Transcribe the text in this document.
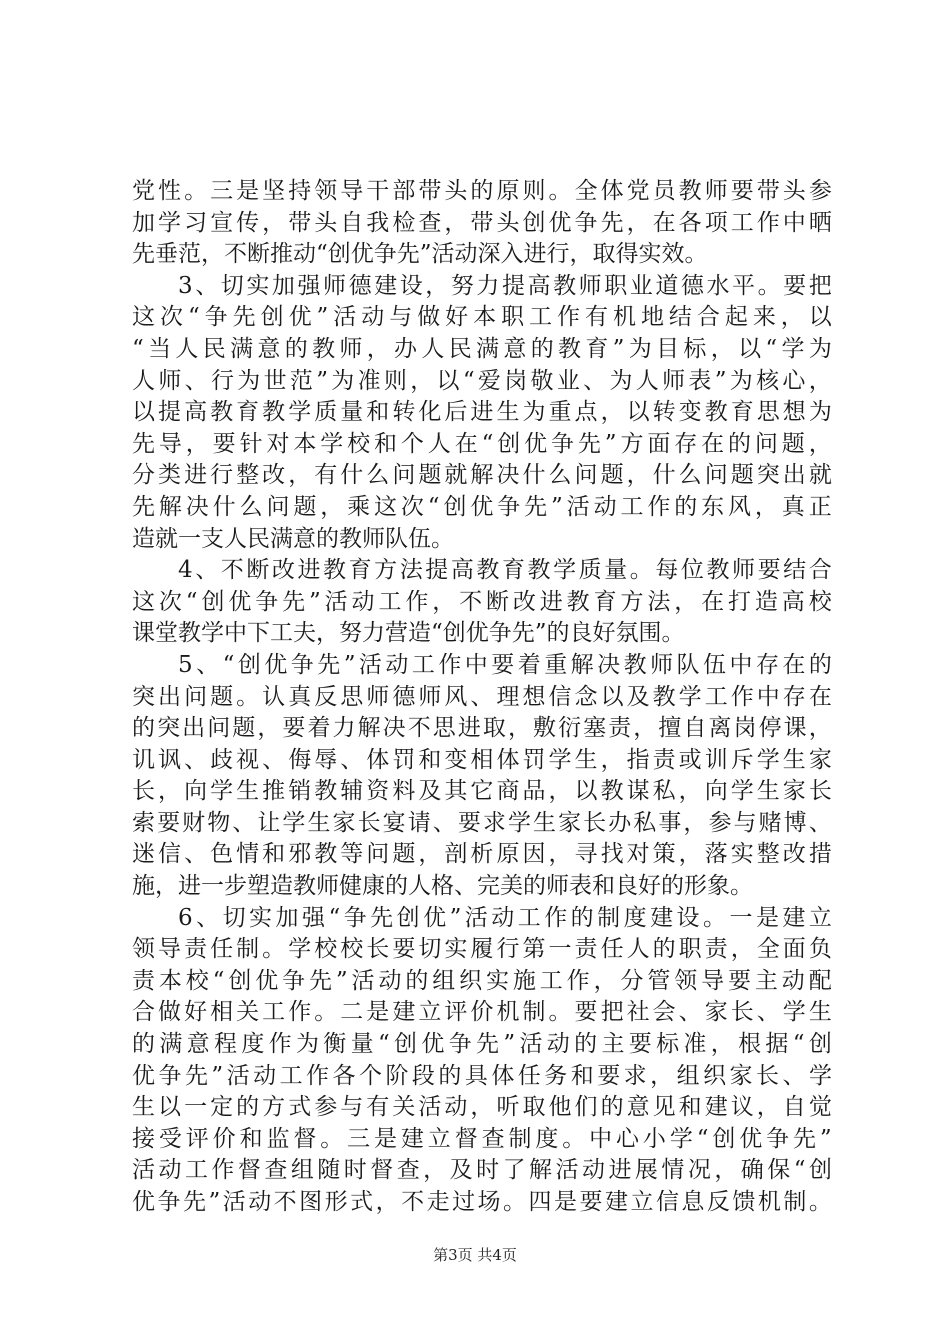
党 性 。 三 是 坚 持 领 导 干 部 带 头 的 原 则 。 全 体 党 员 教 师 要 带 头 参
加 学 习 宣 传 ， 带 头 自 我 检 查 ， 带 头 创 优 争 先 ， 在 各 项 工 作 中 晒
先垂范，不断推动“创优争先”活动深入进行，取得实效。
3 、 切 实 加 强 师 德 建 设 ， 努 力 提 高 教 师 职 业 道 德 水 平 。 要 把
这 次 “ 争 先 创 优 ” 活 动 与 做 好 本 职 工 作 有 机 地 结 合 起 来 ， 以
“ 当 人 民 满 意 的 教 师 ， 办 人 民 满 意 的 教 育 ” 为 目 标 ， 以 “ 学 为
人 师 、 行 为 世 范 ” 为 准 则 ， 以 “ 爱 岗 敬 业 、 为 人 师 表 ” 为 核 心 ，
以 提 高 教 育 教 学 质 量 和 转 化 后 进 生 为 重 点 ， 以 转 变 教 育 思 想 为
先 导 ， 要 针 对 本 学 校 和 个 人 在 “ 创 优 争 先 ” 方 面 存 在 的 问 题 ，
分 类 进 行 整 改 ， 有 什 么 问 题 就 解 决 什 么 问 题 ， 什 么 问 题 突 出 就
先 解 决 什 么 问 题 ， 乘 这 次 “ 创 优 争 先 ” 活 动 工 作 的 东 风 ， 真 正
造就一支人民满意的教师队伍。
4 、 不 断 改 进 教 育 方 法 提 高 教 育 教 学 质 量 。 每 位 教 师 要 结 合
这 次 “ 创 优 争 先 ” 活 动 工 作 ， 不 断 改 进 教 育 方 法 ， 在 打 造 高 校
课堂教学中下工夫，努力营造“创优争先”的良好氛围。
5 、 “ 创 优 争 先 ” 活 动 工 作 中 要 着 重 解 决 教 师 队 伍 中 存 在 的
突 出 问 题 。 认 真 反 思 师 德 师 风 、 理 想 信 念 以 及 教 学 工 作 中 存 在
的 突 出 问 题 ， 要 着 力 解 决 不 思 进 取 ， 敷 衍 塞 责 ， 擅 自 离 岗 停 课 ，
讥 讽 、 歧 视 、 侮 辱 、 体 罚 和 变 相 体 罚 学 生 ， 指 责 或 训 斥 学 生 家
长 ， 向 学 生 推 销 教 辅 资 料 及 其 它 商 品 ， 以 教 谋 私 ， 向 学 生 家 长
索 要 财 物 、 让 学 生 家 长 宴 请 、 要 求 学 生 家 长 办 私 事 ， 参 与 赌 博 、
迷 信 、 色 情 和 邪 教 等 问 题 ， 剖 析 原 因 ， 寻 找 对 策 ， 落 实 整 改 措
施，进一步塑造教师健康的人格、完美的师表和良好的形象。
6 、 切 实 加 强 “ 争 先 创 优 ” 活 动 工 作 的 制 度 建 设 。 一 是 建 立
领 导 责 任 制 。 学 校 校 长 要 切 实 履 行 第 一 责 任 人 的 职 责 ， 全 面 负
责 本 校 “ 创 优 争 先 ” 活 动 的 组 织 实 施 工 作 ， 分 管 领 导 要 主 动 配
合 做 好 相 关 工 作 。 二 是 建 立 评 价 机 制 。 要 把 社 会 、 家 长 、 学 生
的 满 意 程 度 作 为 衡 量 “ 创 优 争 先 ” 活 动 的 主 要 标 准 ， 根 据 “ 创
优 争 先 ” 活 动 工 作 各 个 阶 段 的 具 体 任 务 和 要 求 ， 组 织 家 长 、 学
生 以 一 定 的 方 式 参 与 有 关 活 动 ， 听 取 他 们 的 意 见 和 建 议 ， 自 觉
接 受 评 价 和 监 督 。 三 是 建 立 督 查 制 度 。 中 心 小 学 “ 创 优 争 先 ”
活 动 工 作 督 查 组 随 时 督 查 ， 及 时 了 解 活 动 进 展 情 况 ， 确 保 “ 创
优 争 先 ” 活 动 不 图 形 式 ， 不 走 过 场 。 四 是 要 建 立 信 息 反 馈 机 制 。
第3页 共4页
